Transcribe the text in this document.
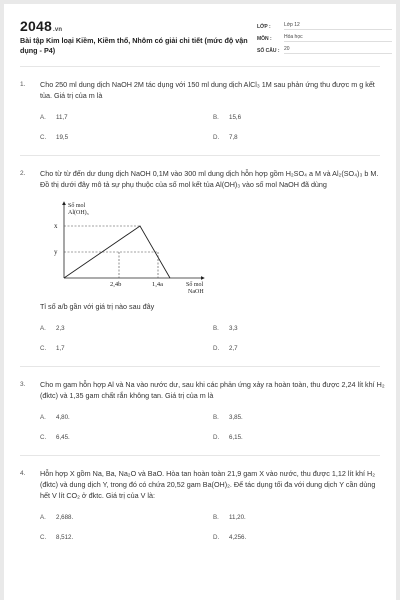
2048.vn
Bài tập Kim loại Kiềm, Kiềm thổ, Nhôm có giải chi tiết (mức độ vận dụng - P4)
LỚP :	Lớp 12
MÔN :	Hóa học
SỐ CÂU : 20
1. Cho 250 ml dung dịch NaOH 2M tác dụng với 150 ml dung dịch AlCl₃ 1M sau phản ứng thu được m g kết tủa. Giá trị của m là
A. 11,7	B. 15,6
C. 19,5	D. 7,8
2. Cho từ từ đến dư dung dịch NaOH 0,1M vào 300 ml dung dịch hỗn hợp gồm H₂SO₄ a M và Al₂(SO₄)₃ b M. Đồ thị dưới đây mô tả sự phụ thuộc của số mol kết tủa Al(OH)₃ vào số mol NaOH đã dùng
Số mol
Al(OH)₃
Số mol
NaOH
x
y
2,4b	1,4a
Tỉ số a/b gần với giá trị nào sau đây
A. 2,3	B. 3,3
C. 1,7	D. 2,7
3. Cho m gam hỗn hợp Al và Na vào nước dư, sau khi các phản ứng xảy ra hoàn toàn, thu được 2,24 lít khí H₂ (đktc) và 1,35 gam chất rắn không tan. Giá trị của m là
A. 4,80.	B. 3,85.
C. 6,45.	D. 6,15.
4. Hỗn hợp X gồm Na, Ba, Na₂O và BaO. Hòa tan hoàn toàn 21,9 gam X vào nước, thu được 1,12 lít khí H₂ (đktc) và dung dịch Y, trong đó có chứa 20,52 gam Ba(OH)₂. Để tác dụng tối đa với dung dịch Y cần dùng hết V lít CO₂ ở đktc. Giá trị của V là:
A. 2,688.	B. 11,20.
C. 8,512.	D. 4,256.
